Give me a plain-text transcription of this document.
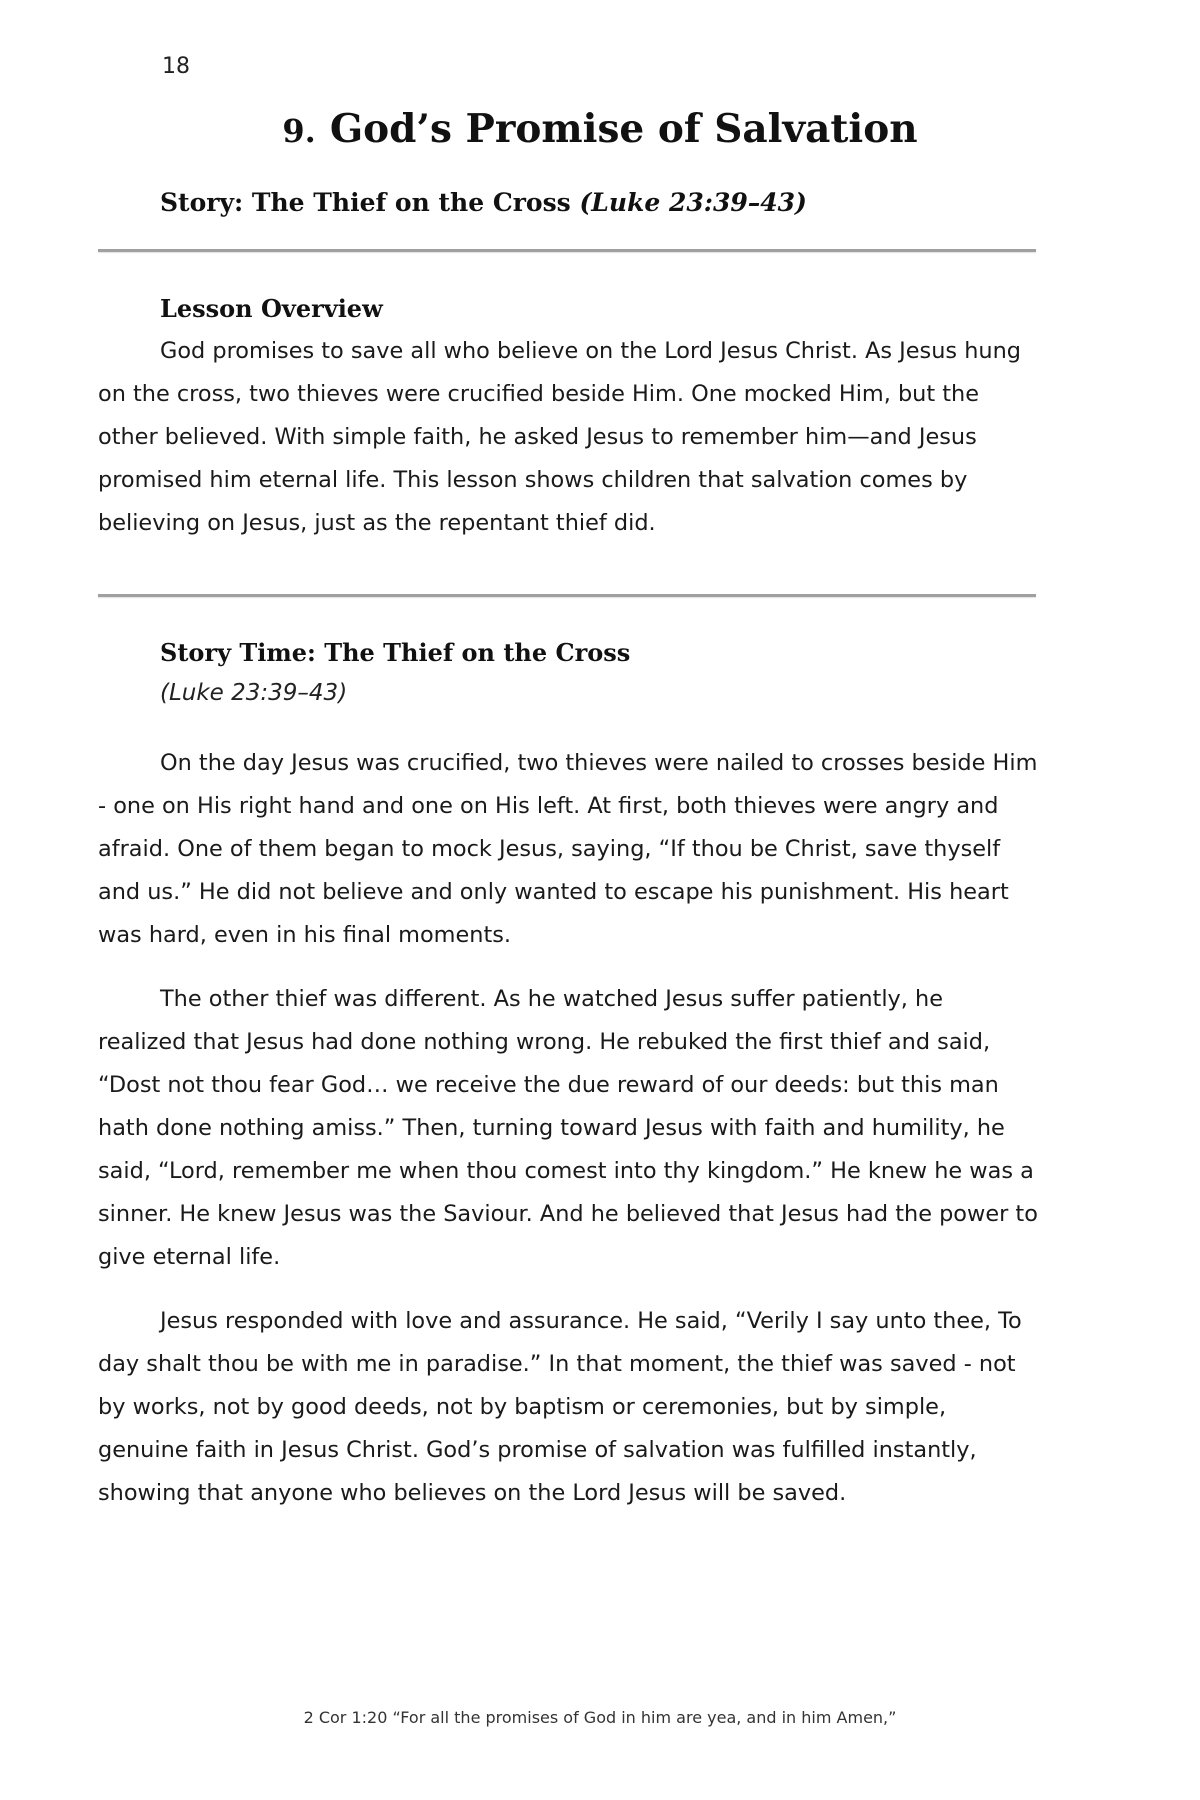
18
9. God’s Promise of Salvation
Story: The Thief on the Cross (Luke 23:39–43)
Lesson Overview

God promises to save all who believe on the Lord Jesus Christ. As Jesus hung on the cross, two thieves were crucified beside Him. One mocked Him, but the other believed. With simple faith, he asked Jesus to remember him—and Jesus promised him eternal life. This lesson shows children that salvation comes by believing on Jesus, just as the repentant thief did.

Story Time: The Thief on the Cross
(Luke 23:39–43)

On the day Jesus was crucified, two thieves were nailed to crosses beside Him - one on His right hand and one on His left. At first, both thieves were angry and afraid. One of them began to mock Jesus, saying, “If thou be Christ, save thyself and us.” He did not believe and only wanted to escape his punishment. His heart was hard, even in his final moments.

The other thief was different. As he watched Jesus suffer patiently, he realized that Jesus had done nothing wrong. He rebuked the first thief and said, “Dost not thou fear God… we receive the due reward of our deeds: but this man hath done nothing amiss.” Then, turning toward Jesus with faith and humility, he said, “Lord, remember me when thou comest into thy kingdom.” He knew he was a sinner. He knew Jesus was the Saviour. And he believed that Jesus had the power to give eternal life.

Jesus responded with love and assurance. He said, “Verily I say unto thee, To day shalt thou be with me in paradise.” In that moment, the thief was saved - not by works, not by good deeds, not by baptism or ceremonies, but by simple, genuine faith in Jesus Christ. God’s promise of salvation was fulfilled instantly, showing that anyone who believes on the Lord Jesus will be saved.

2 Cor 1:20 “For all the promises of God in him are yea, and in him Amen,”
